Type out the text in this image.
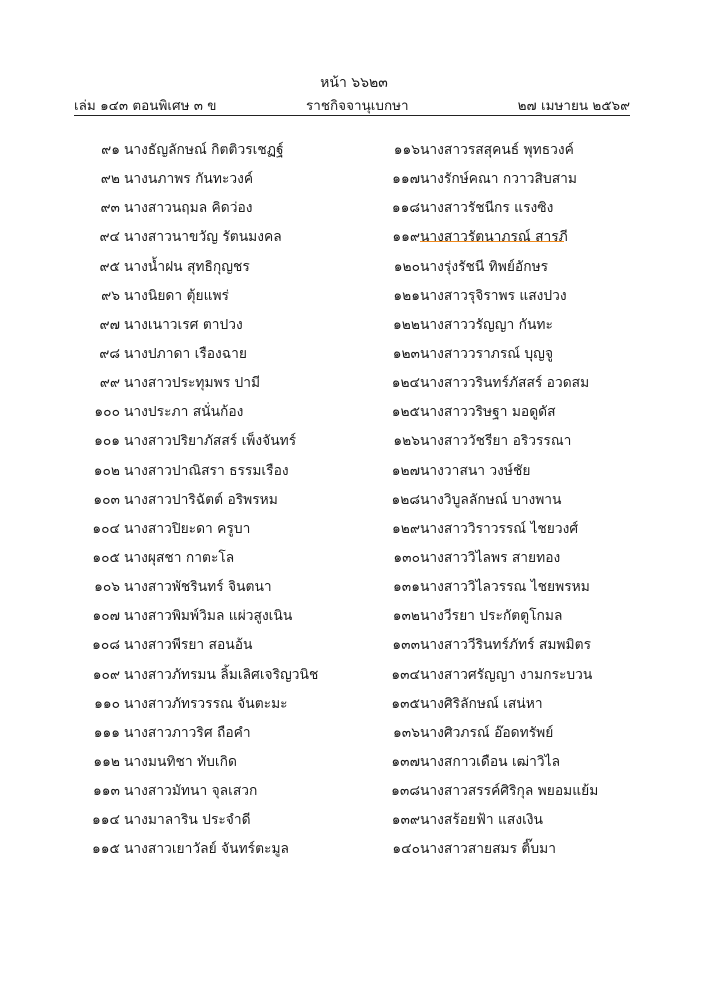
หน้า ๖๖๒๓
เล่ม ๑๔๓ ตอนพิเศษ ๓ ข	ราชกิจจานุเบกษา	๒๗ เมษายน ๒๕๖๙
๙๑ นางธัญลักษณ์ กิตติวรเชฏฐ์
๙๒ นางนภาพร กันทะวงค์
๙๓ นางสาวนฤมล คิดว่อง
๙๔ นางสาวนาขวัญ รัตนมงคล
๙๕ นางน้ำฝน สุทธิกุญชร
๙๖ นางนิยดา ตุ้ยแพร่
๙๗ นางเนาวเรศ ตาปวง
๙๘ นางปภาดา เรืองฉาย
๙๙ นางสาวประทุมพร ปามี
๑๐๐ นางประภา สนั่นก้อง
๑๐๑ นางสาวปริยาภัสสร์ เพ็งจันทร์
๑๐๒ นางสาวปาณิสรา ธรรมเรือง
๑๐๓ นางสาวปาริฉัตต์ อริพรหม
๑๐๔ นางสาวปิยะดา ครูบา
๑๐๕ นางผุสชา กาตะโล
๑๐๖ นางสาวพัชรินทร์ จินตนา
๑๐๗ นางสาวพิมพ์วิมล แผ่วสูงเนิน
๑๐๘ นางสาวพีรยา สอนอ้น
๑๐๙ นางสาวภัทรมน ลิ้มเลิศเจริญวนิช
๑๑๐ นางสาวภัทรวรรณ จันตะมะ
๑๑๑ นางสาวภาวริศ ถือคำ
๑๑๒ นางมนทิชา ทับเกิด
๑๑๓ นางสาวมัทนา จุลเสวก
๑๑๔ นางมาลาริน ประจำดี
๑๑๕ นางสาวเยาวัลย์ จันทร์ตะมูล
๑๑๖ นางสาวรสสุคนธ์ พุทธวงค์
๑๑๗ นางรักษ์คณา กวาวสิบสาม
๑๑๘ นางสาวรัชนีกร แรงซิง
๑๑๙ นางสาวรัตนาภรณ์ สารภี
๑๒๐ นางรุ่งรัชนี ทิพย์อักษร
๑๒๑ นางสาวรุจิราพร แสงปวง
๑๒๒ นางสาววรัญญา กันทะ
๑๒๓ นางสาววราภรณ์ บุญจู
๑๒๔ นางสาววรินทร์ภัสสร์ อวดสม
๑๒๕ นางสาววริษฐา มอดูดัส
๑๒๖ นางสาววัชรียา อริวรรณา
๑๒๗ นางวาสนา วงษ์ชัย
๑๒๘ นางวิบูลลักษณ์ บางพาน
๑๒๙ นางสาววิราวรรณ์ ไชยวงศ์
๑๓๐ นางสาววิไลพร สายทอง
๑๓๑ นางสาววิไลวรรณ ไชยพรหม
๑๓๒ นางวีรยา ประกัตตูโกมล
๑๓๓ นางสาววีรินทร์ภัทร์ สมพมิตร
๑๓๔ นางสาวศรัญญา งามกระบวน
๑๓๕ นางศิริลักษณ์ เสน่หา
๑๓๖ นางศิวภรณ์ อ๊อดทรัพย์
๑๓๗ นางสกาวเดือน เฒ่าวิไล
๑๓๘ นางสาวสรรค์ศิริกุล พยอมแย้ม
๑๓๙ นางสร้อยฟ้า แสงเงิน
๑๔๐ นางสาวสายสมร ติ๊บมา
